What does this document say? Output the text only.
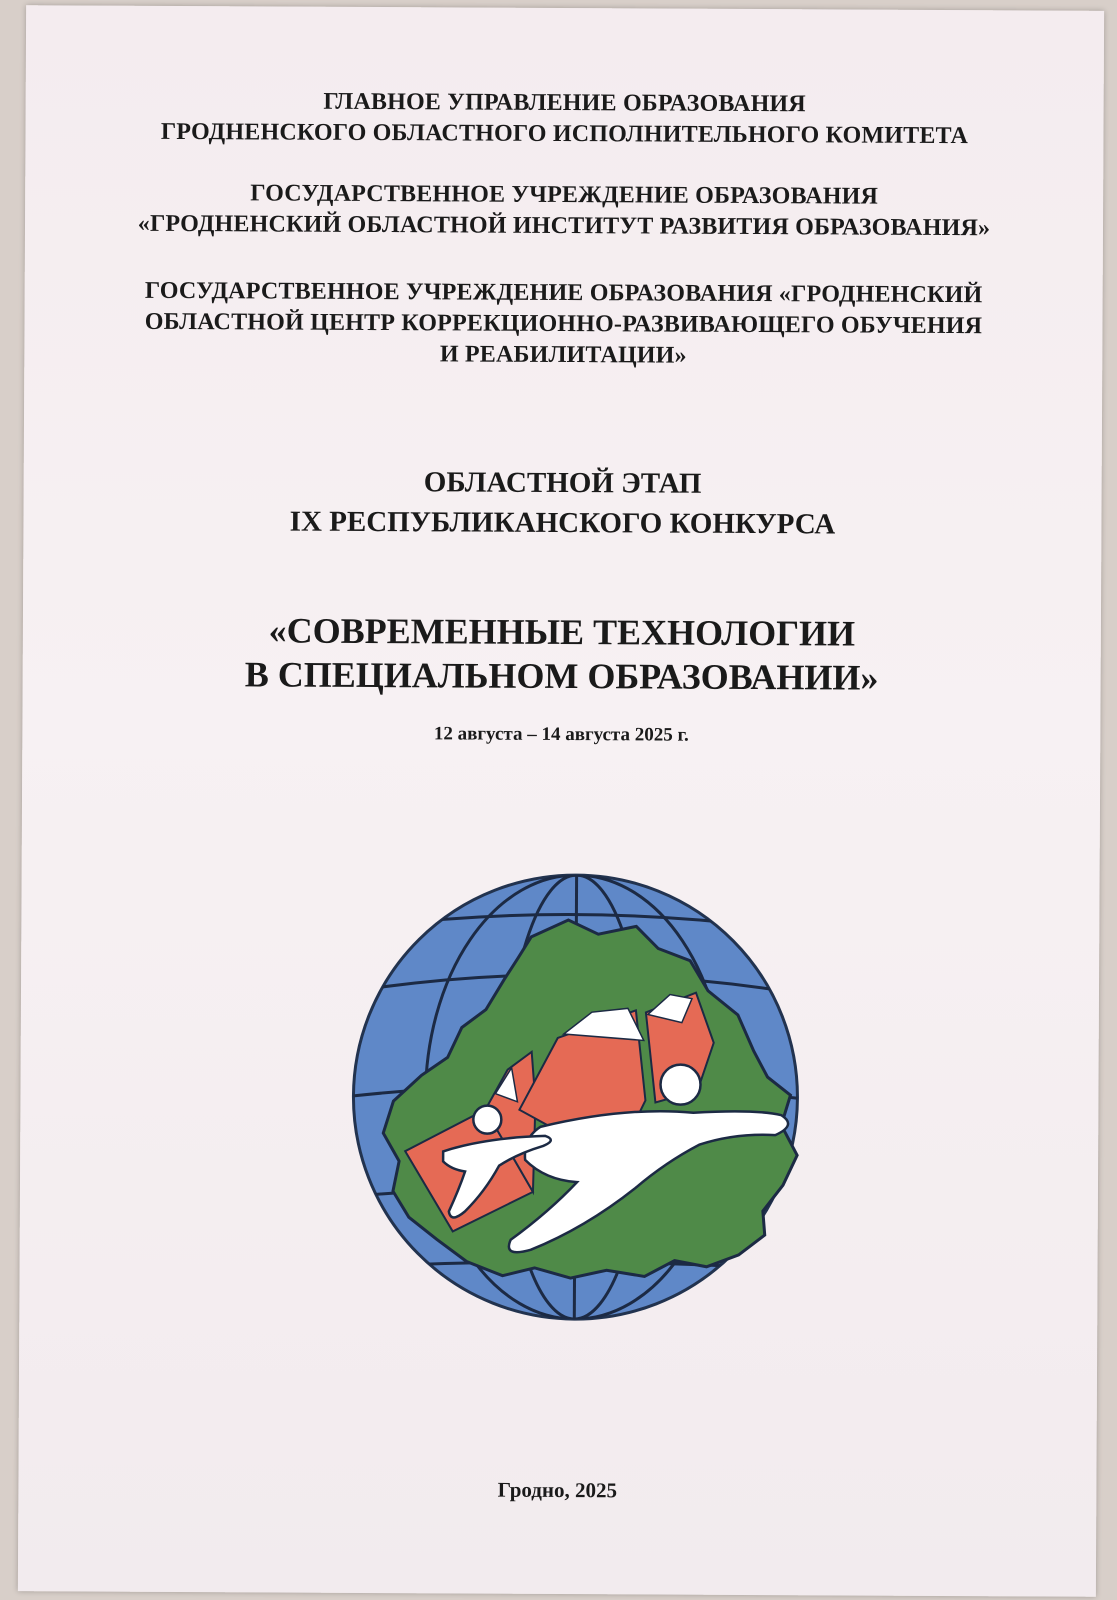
ГЛАВНОЕ УПРАВЛЕНИЕ ОБРАЗОВАНИЯ
ГРОДНЕНСКОГО ОБЛАСТНОГО ИСПОЛНИТЕЛЬНОГО КОМИТЕТА
ГОСУДАРСТВЕННОЕ УЧРЕЖДЕНИЕ ОБРАЗОВАНИЯ
«ГРОДНЕНСКИЙ ОБЛАСТНОЙ ИНСТИТУТ РАЗВИТИЯ ОБРАЗОВАНИЯ»
ГОСУДАРСТВЕННОЕ УЧРЕЖДЕНИЕ ОБРАЗОВАНИЯ «ГРОДНЕНСКИЙ
ОБЛАСТНОЙ ЦЕНТР КОРРЕКЦИОННО-РАЗВИВАЮЩЕГО ОБУЧЕНИЯ
И РЕАБИЛИТАЦИИ»
ОБЛАСТНОЙ ЭТАП
IX РЕСПУБЛИКАНСКОГО КОНКУРСА
«СОВРЕМЕННЫЕ ТЕХНОЛОГИИ
В СПЕЦИАЛЬНОМ ОБРАЗОВАНИИ»
12 августа – 14 августа 2025 г.
Гродно, 2025
